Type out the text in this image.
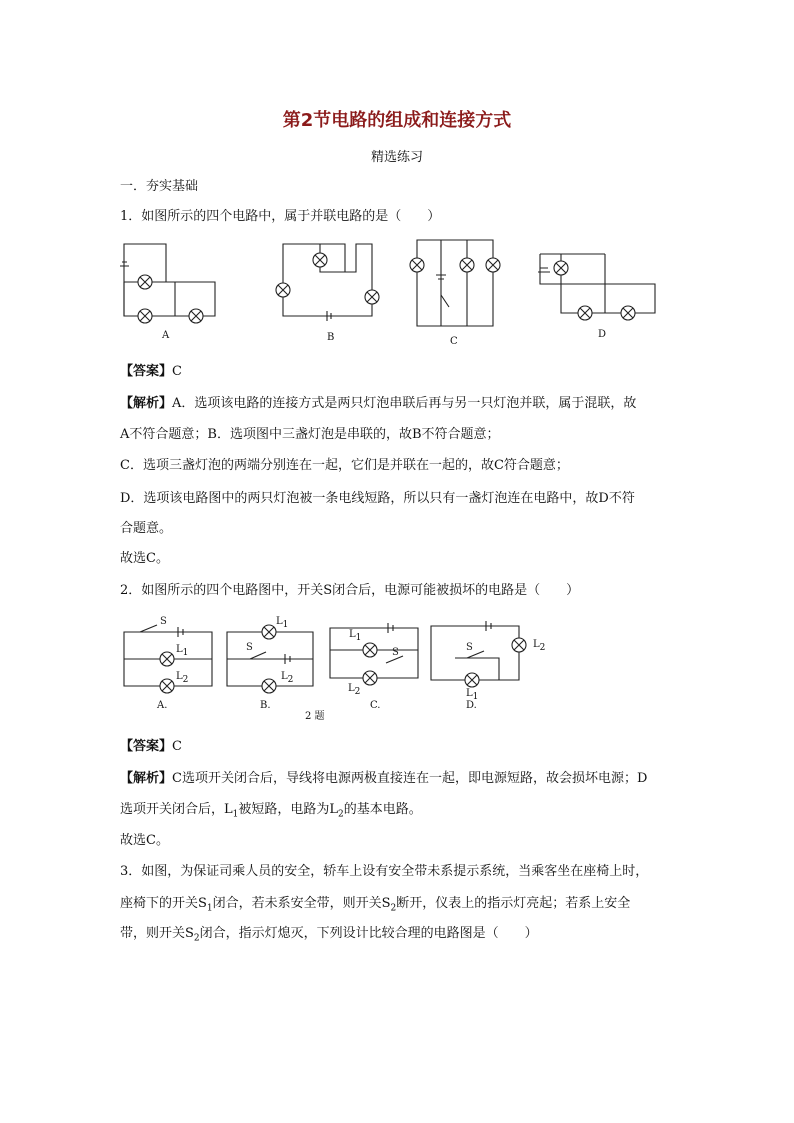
第2节电路的组成和连接方式
精选练习
一．夯实基础
1．如图所示的四个电路中，属于并联电路的是（　　）
A	B	C
D
【答案】C
【解析】A．选项该电路的连接方式是两只灯泡串联后再与另一只灯泡并联，属于混联，故
A不符合题意；B．选项图中三盏灯泡是串联的，故B不符合题意；
C．选项三盏灯泡的两端分别连在一起，它们是并联在一起的，故C符合题意；
D．选项该电路图中的两只灯泡被一条电线短路，所以只有一盏灯泡连在电路中，故D不符
合题意。
故选C。
2．如图所示的四个电路图中，开关S闭合后，电源可能被损坏的电路是（　　）
S
S	S	S
$L_1$
$L_1$
$L_2$	$L_2$
$L_1$
$L_2$
$L_2$
$L_1$
A.	B.
2 题
C.	D.
【答案】C
【解析】C选项开关闭合后，导线将电源两极直接连在一起，即电源短路，故会损坏电源；D
选项开关闭合后，$L_1$被短路，电路为$L_2$的基本电路。
故选C。
3．如图，为保证司乘人员的安全，轿车上设有安全带未系提示系统，当乘客坐在座椅上时，
座椅下的开关$S_1$闭合，若未系安全带，则开关$S_2$断开，仪表上的指示灯亮起；若系上安全
带，则开关$S_2$闭合，指示灯熄灭，下列设计比较合理的电路图是（　　）
